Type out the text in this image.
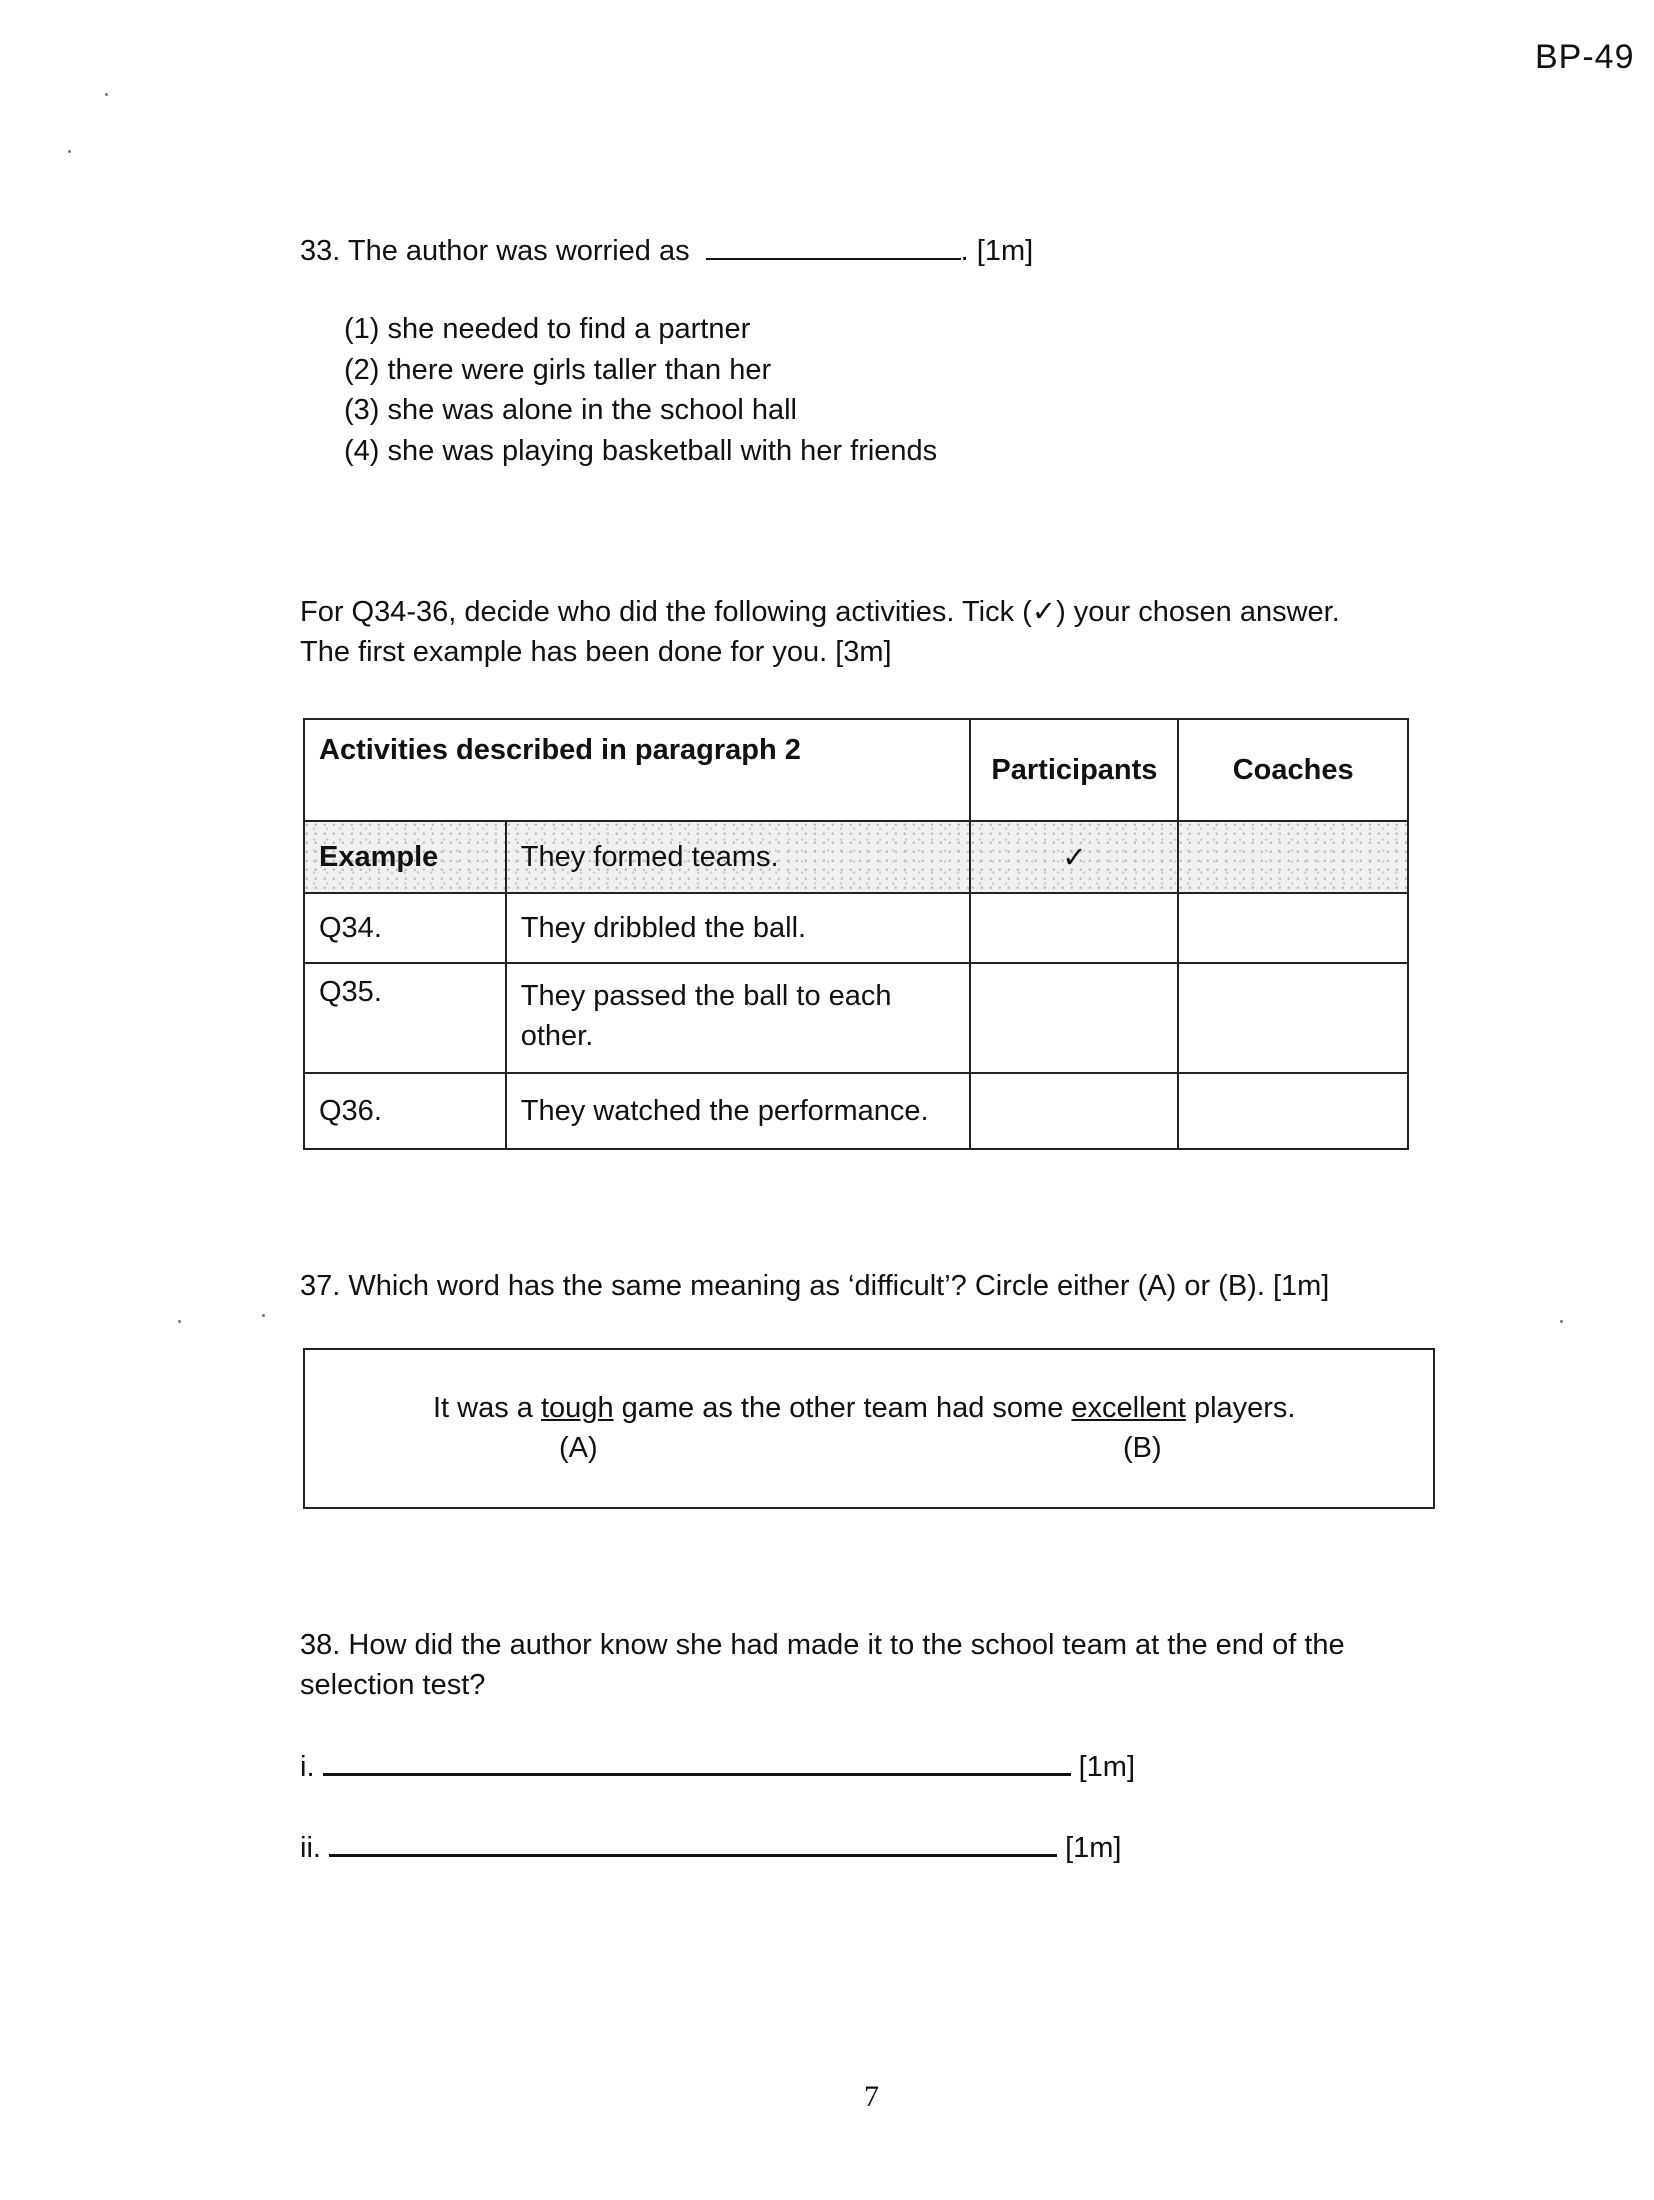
BP-49
33. The author was worried as	. [1m]
(1) she needed to find a partner
(2) there were girls taller than her
(3) she was alone in the school hall
(4) she was playing basketball with her friends
For Q34-36, decide who did the following activities. Tick (✓) your chosen answer.
The first example has been done for you. [3m]
Activities described in paragraph 2		Participants	Coaches
Example	They formed teams.	✓	
Q34.	They dribbled the ball.		
Q35.	They passed the ball to each
other.		

Q36.	They watched the performance.		
37. Which word has the same meaning as ‘difficult’? Circle either (A) or (B). [1m]
It was a tough game as the other team had some excellent players.
(A)	(B)
38. How did the author know she had made it to the school team at the end of the
selection test?
i.	[1m]
ii.	[1m]
7
